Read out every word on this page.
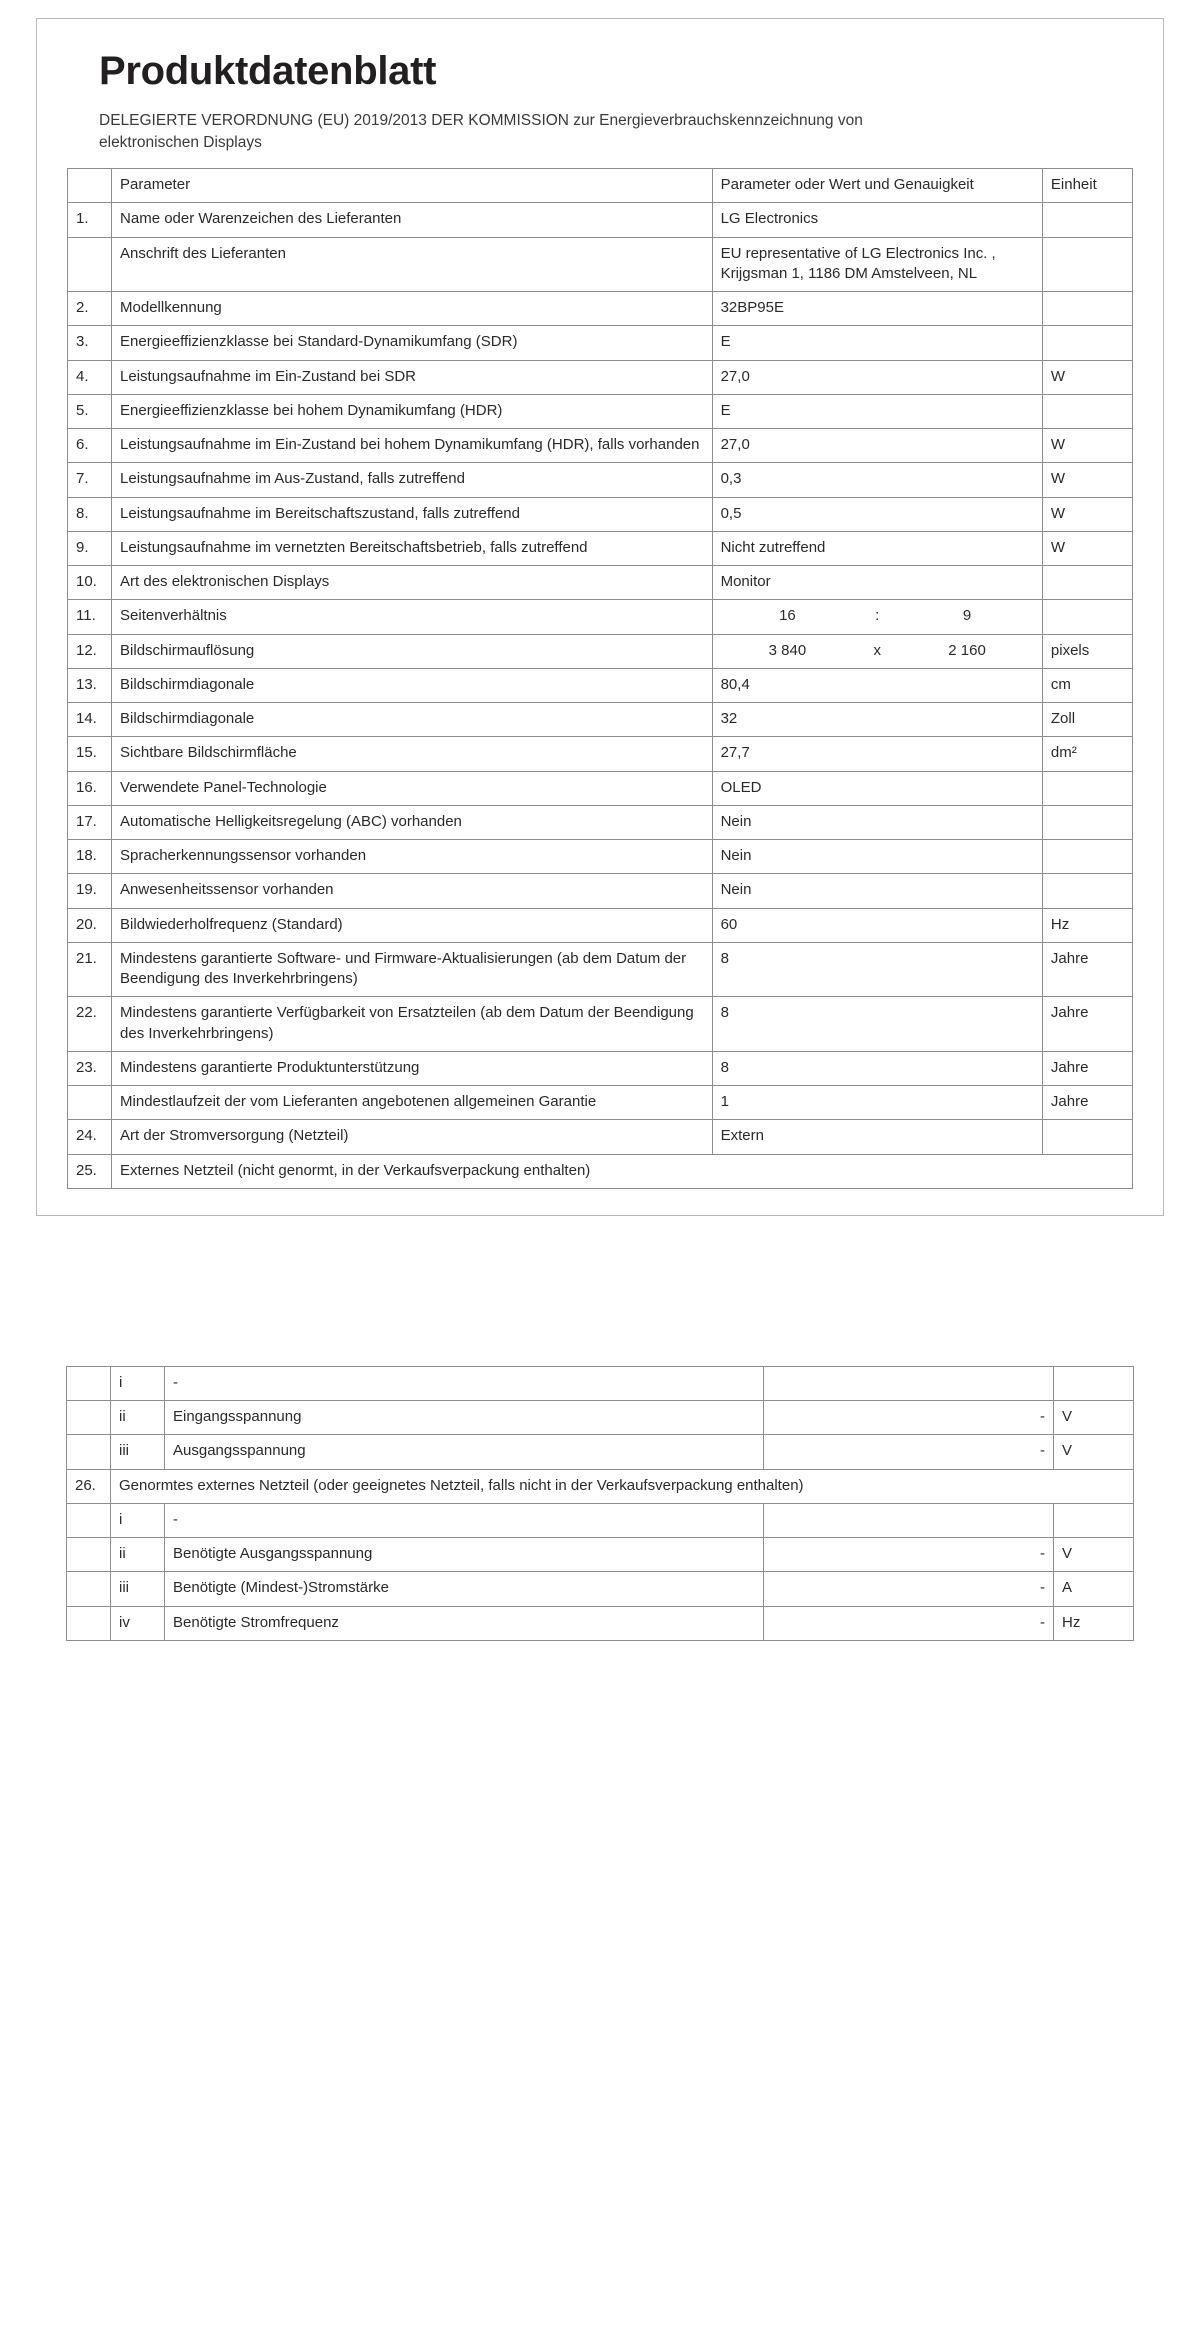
Produktdatenblatt

DELEGIERTE VERORDNUNG (EU) 2019/2013 DER KOMMISSION zur Energieverbrauchskennzeichnung von elektronischen Displays

	Parameter	Parameter oder Wert und Genauigkeit	Einheit
1.	Name oder Warenzeichen des Lieferanten	LG Electronics	
	Anschrift des Lieferanten	EU representative of LG Electronics Inc. , Krijgsman 1, 1186 DM Amstelveen, NL	
2.	Modellkennung	32BP95E	
3.	Energieeffizienzklasse bei Standard-Dynamikumfang (SDR)	E	
4.	Leistungsaufnahme im Ein-Zustand bei SDR	27,0	W
5.	Energieeffizienzklasse bei hohem Dynamikumfang (HDR)	E	
6.	Leistungsaufnahme im Ein-Zustand bei hohem Dynamikumfang (HDR), falls vorhanden	27,0	W
7.	Leistungsaufnahme im Aus-Zustand, falls zutreffend	0,3	W
8.	Leistungsaufnahme im Bereitschaftszustand, falls zutreffend	0,5	W
9.	Leistungsaufnahme im vernetzten Bereitschaftsbetrieb, falls zutreffend	Nicht zutreffend	W
10.	Art des elektronischen Displays	Monitor	
11.	Seitenverhältnis	16 : 9	

12.	Bildschirmauflösung	3 840 x 2 160	pixels
13.	Bildschirmdiagonale	80,4	cm
14.	Bildschirmdiagonale	32	Zoll
15.	Sichtbare Bildschirmfläche	27,7	dm²
16.	Verwendete Panel-Technologie	OLED	
17.	Automatische Helligkeitsregelung (ABC) vorhanden	Nein	
18.	Spracherkennungssensor vorhanden	Nein	
19.	Anwesenheitssensor vorhanden	Nein	
20.	Bildwiederholfrequenz (Standard)	60	Hz
21.	Mindestens garantierte Software- und Firmware-Aktualisierungen (ab dem Datum der Beendigung des Inverkehrbringens)	8	Jahre
22.	Mindestens garantierte Verfügbarkeit von Ersatzteilen (ab dem Datum der Beendigung des Inverkehrbringens)	8	Jahre
23.	Mindestens garantierte Produktunterstützung	8	Jahre
	Mindestlaufzeit der vom Lieferanten angebotenen allgemeinen Garantie	1	Jahre
24.	Art der Stromversorgung (Netzteil)	Extern	
25.	Externes Netzteil (nicht genormt, in der Verkaufsverpackung enthalten)		
	i	-		
	ii	Eingangsspannung	-	V
	iii	Ausgangsspannung	-	V
26.	Genormtes externes Netzteil (oder geeignetes Netzteil, falls nicht in der Verkaufsverpackung enthalten)			
	i	-		
	ii	Benötigte Ausgangsspannung	-	V
	iii	Benötigte (Mindest-)Stromstärke	-	A
	iv	Benötigte Stromfrequenz	-	Hz
